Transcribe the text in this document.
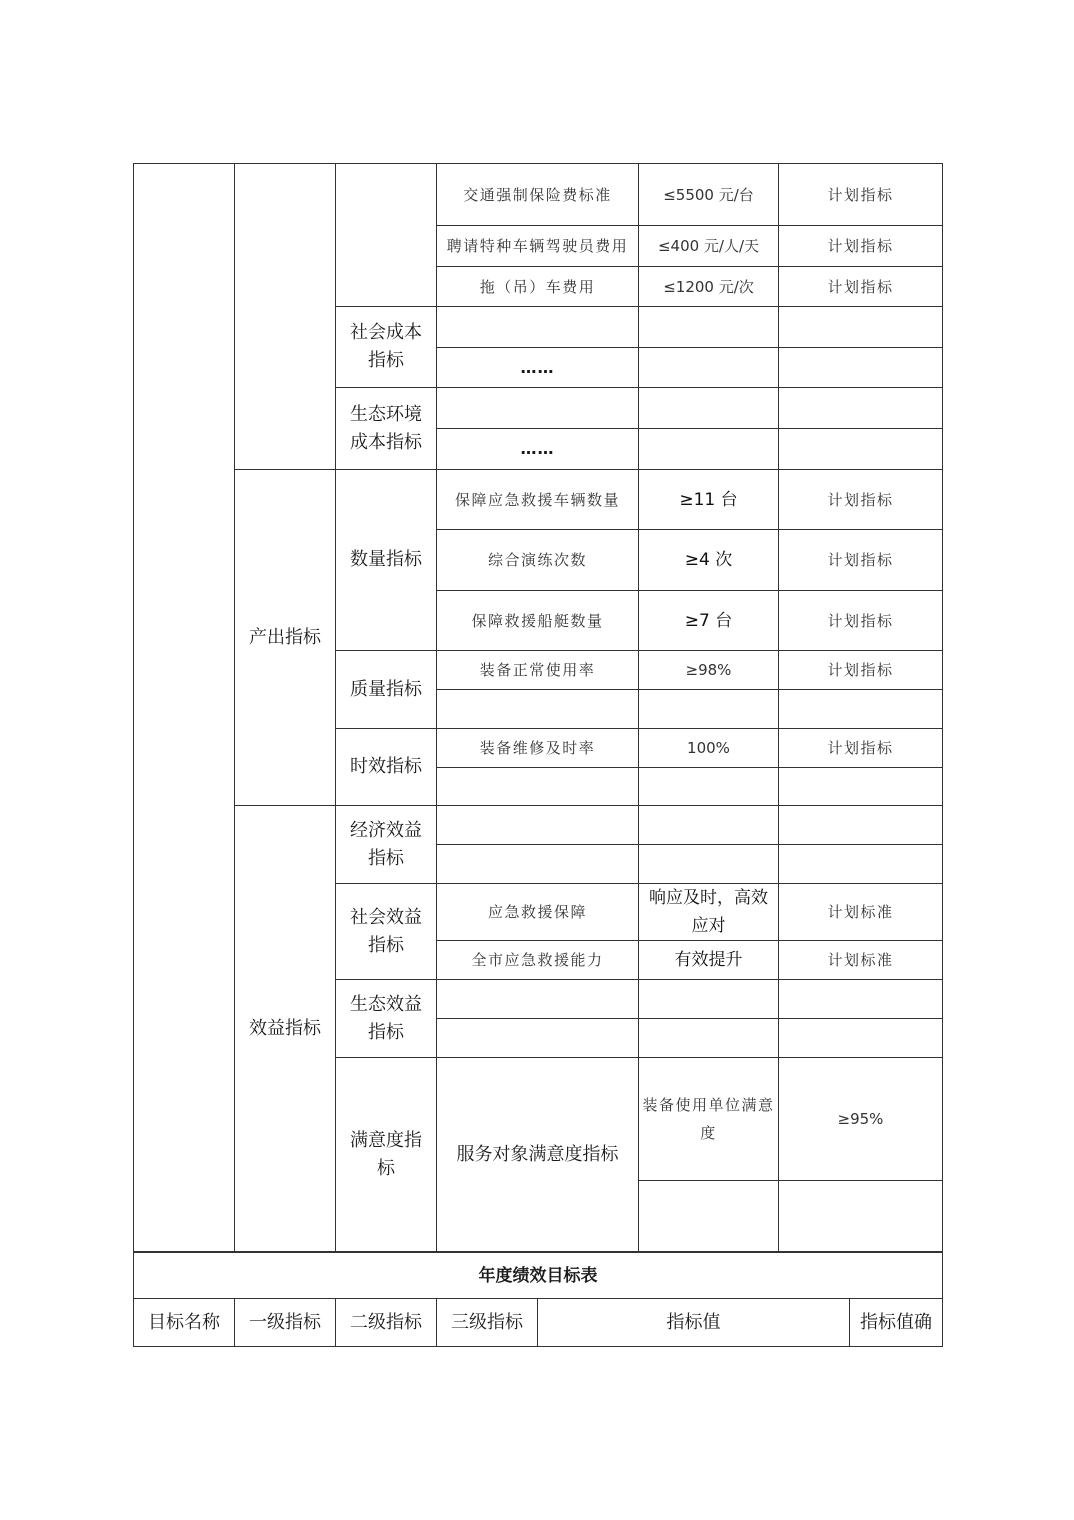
			交通强制保险费标准	≤5500 元/台	计划指标	
			聘请特种车辆驾驶员费用	≤400 元/人/天	计划指标	
			拖（吊）车费用	≤1200 元/次	计划指标	
		社会成本指标				
			……			
		生态环境成本指标				
			……			
	产出指标	数量指标	保障应急救援车辆数量	≥11 台	计划指标	
			综合演练次数	≥4 次	计划指标	
			保障救援船艇数量	≥7 台	计划指标	
		质量指标	装备正常使用率	≥98%	计划指标	

		时效指标	装备维修及时率	100%	计划指标	

	效益指标	经济效益指标				

		社会效益指标	应急救援保障	响应及时，高效应对	计划标准	
			全市应急救援能力	有效提升	计划标准	
		生态效益指标				

		满意度指标	服务对象满意度指标	装备使用单位满意度	≥95%	

年度绩效目标表
目标名称	一级指标	二级指标	三级指标	指标值	指标值确
